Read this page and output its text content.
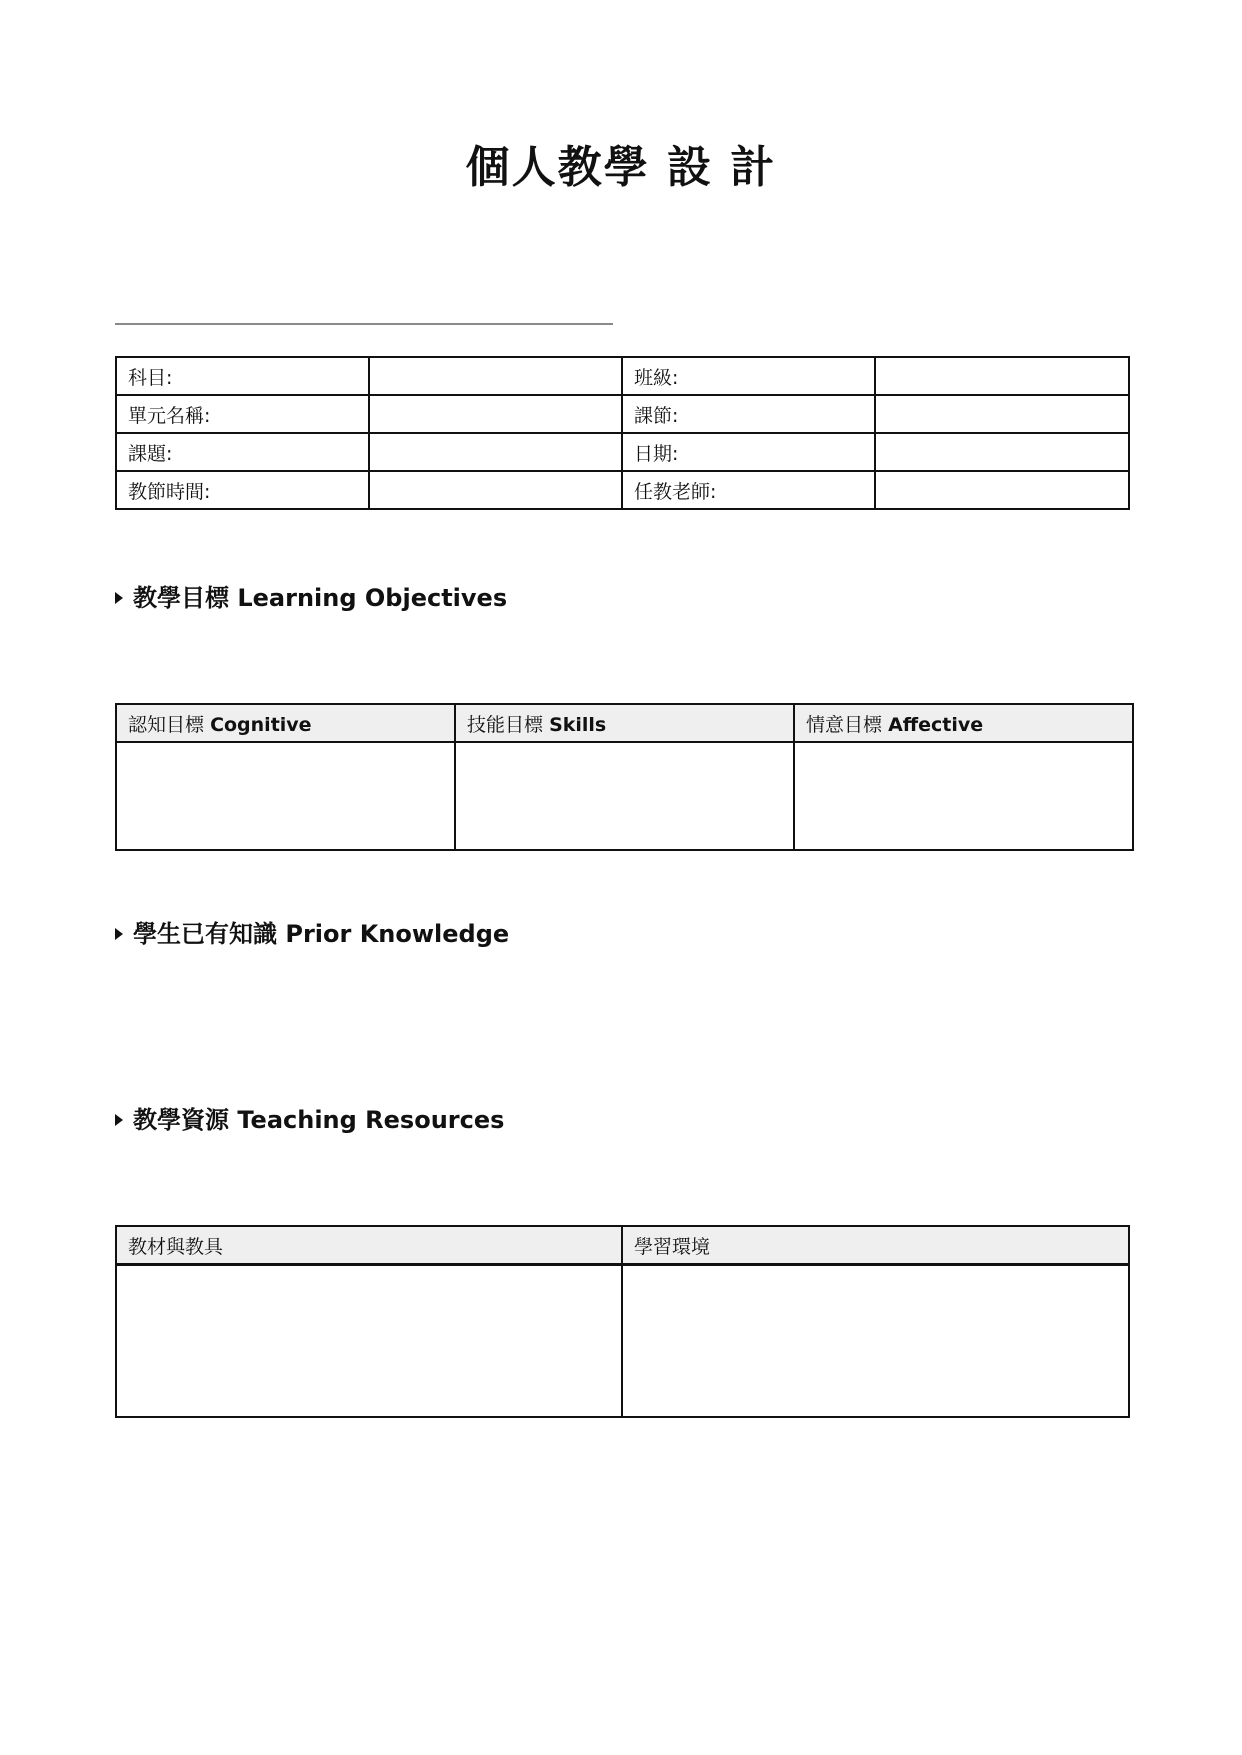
個人教學 設 計
科目:		班級:	
單元名稱:		課節:	
課題:		日期:	
教節時間:		任教老師:	
教學目標 Learning Objectives
認知目標 Cognitive	技能目標 Skills	情意目標 Affective

學生已有知識 Prior Knowledge
教學資源 Teaching Resources
教材與教具	學習環境
